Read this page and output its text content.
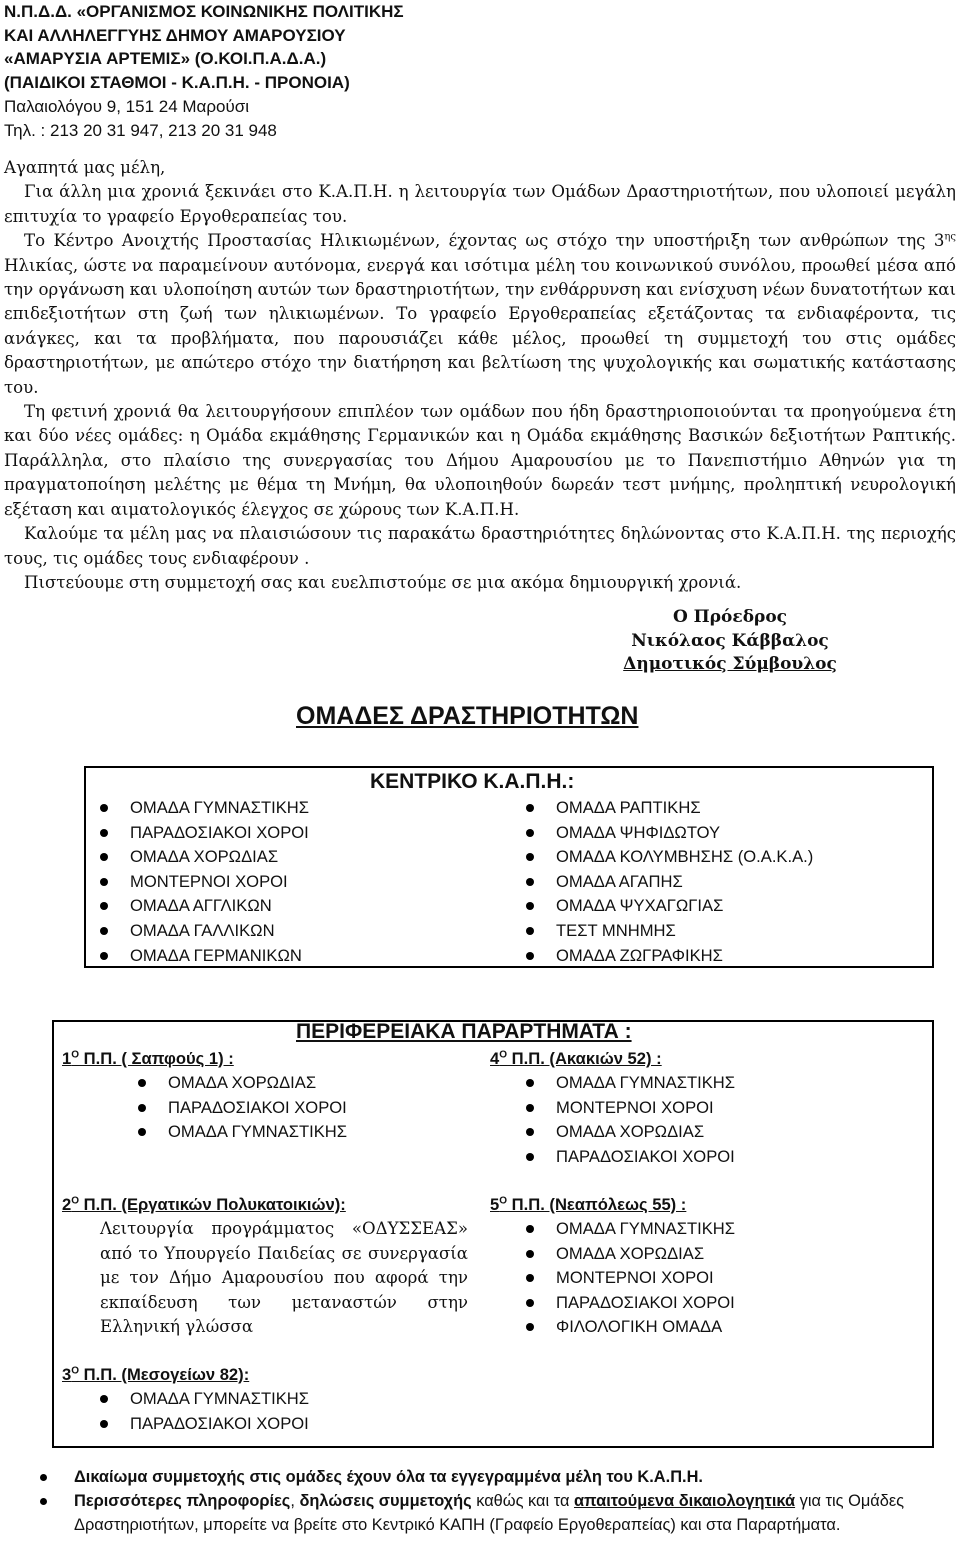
Ν.Π.Δ.Δ. «ΟΡΓΑΝΙΣΜΟΣ ΚΟΙΝΩΝΙΚΗΣ ΠΟΛΙΤΙΚΗΣ
ΚΑΙ ΑΛΛΗΛΕΓΓΥΗΣ ΔΗΜΟΥ ΑΜΑΡΟΥΣΙΟΥ
«ΑΜΑΡΥΣΙΑ ΑΡΤΕΜΙΣ» (Ο.ΚΟΙ.Π.Α.Δ.Α.)
(ΠΑΙΔΙΚΟΙ ΣΤΑΘΜΟΙ - Κ.Α.Π.Η. - ΠΡΟΝΟΙΑ)
Παλαιολόγου 9, 151 24 Μαρούσι
Τηλ. : 213 20 31 947, 213 20 31 948

Αγαπητά μας μέλη,

Για άλλη μια χρονιά ξεκινάει στο Κ.Α.Π.Η. η λειτουργία των Ομάδων Δραστηριοτήτων, που υλοποιεί μεγάλη επιτυχία το γραφείο Εργοθεραπείας του.

Το Κέντρο Ανοιχτής Προστασίας Ηλικιωμένων, έχοντας ως στόχο την υποστήριξη των ανθρώπων της $3^{\eta\varsigma}$ Ηλικίας, ώστε να παραμείνουν αυτόνομα, ενεργά και ισότιμα μέλη του κοινωνικού συνόλου, προωθεί μέσα από την οργάνωση και υλοποίηση αυτών των δραστηριοτήτων, την ενθάρρυνση και ενίσχυση νέων δυνατοτήτων και επιδεξιοτήτων στη ζωή των ηλικιωμένων. Το γραφείο Εργοθεραπείας εξετάζοντας τα ενδιαφέροντα, τις ανάγκες, και τα προβλήματα, που παρουσιάζει κάθε μέλος, προωθεί τη συμμετοχή του στις ομάδες δραστηριοτήτων, με απώτερο στόχο την διατήρηση και βελτίωση της ψυχολογικής και σωματικής κατάστασης του.

Τη φετινή χρονιά θα λειτουργήσουν επιπλέον των ομάδων που ήδη δραστηριοποιούνται τα προηγούμενα έτη και δύο νέες ομάδες: η Ομάδα εκμάθησης Γερμανικών και η Ομάδα εκμάθησης Βασικών δεξιοτήτων Ραπτικής. Παράλληλα, στο πλαίσιο της συνεργασίας του Δήμου Αμαρουσίου με το Πανεπιστήμιο Αθηνών για τη πραγματοποίηση μελέτης με θέμα τη Μνήμη, θα υλοποιηθούν δωρεάν τεστ μνήμης, προληπτική νευρολογική εξέταση και αιματολογικός έλεγχος σε χώρους των Κ.Α.Π.Η.

Καλούμε τα μέλη μας να πλαισιώσουν τις παρακάτω δραστηριότητες δηλώνοντας στο Κ.Α.Π.Η. της περιοχής τους, τις ομάδες τους ενδιαφέρουν .

Πιστεύουμε στη συμμετοχή σας και ευελπιστούμε σε μια ακόμα δημιουργική χρονιά.

Ο Πρόεδρος
Νικόλαος Κάββαλος
Δημοτικός Σύμβουλος
ΟΜΑΔΕΣ ΔΡΑΣΤΗΡΙΟΤΗΤΩΝ
ΚΕΝΤΡΙΚΟ Κ.Α.Π.Η.:
ΟΜΑΔΑ ΓΥΜΝΑΣΤΙΚΗΣ
ΠΑΡΑΔΟΣΙΑΚΟΙ ΧΟΡΟΙ
ΟΜΑΔΑ ΧΟΡΩΔΙΑΣ
ΜΟΝΤΕΡΝΟΙ ΧΟΡΟΙ
ΟΜΑΔΑ ΑΓΓΛΙΚΩΝ
ΟΜΑΔΑ ΓΑΛΛΙΚΩΝ
ΟΜΑΔΑ ΓΕΡΜΑΝΙΚΩΝ
ΟΜΑΔΑ ΡΑΠΤΙΚΗΣ
ΟΜΑΔΑ ΨΗΦΙΔΩΤΟΥ
ΟΜΑΔΑ ΚΟΛΥΜΒΗΣΗΣ (Ο.Α.Κ.Α.)
ΟΜΑΔΑ ΑΓΑΠΗΣ
ΟΜΑΔΑ ΨΥΧΑΓΩΓΙΑΣ
ΤΕΣΤ ΜΝΗΜΗΣ
ΟΜΑΔΑ ΖΩΓΡΑΦΙΚΗΣ
ΠΕΡΙΦΕΡΕΙΑΚΑ ΠΑΡΑΡΤΗΜΑΤΑ :
$1^O$ Π.Π. ( Σαπφούς 1) :
ΟΜΑΔΑ ΧΟΡΩΔΙΑΣ
ΠΑΡΑΔΟΣΙΑΚΟΙ ΧΟΡΟΙ
ΟΜΑΔΑ ΓΥΜΝΑΣΤΙΚΗΣ
$4^O$ Π.Π. (Ακακιών 52) :
ΟΜΑΔΑ ΓΥΜΝΑΣΤΙΚΗΣ
ΜΟΝΤΕΡΝΟΙ ΧΟΡΟΙ
ΟΜΑΔΑ ΧΟΡΩΔΙΑΣ
ΠΑΡΑΔΟΣΙΑΚΟΙ ΧΟΡΟΙ
$2^O$ Π.Π. (Εργατικών Πολυκατοικιών):
Λειτουργία προγράμματος «ΟΔΥΣΣΕΑΣ» από το Υπουργείο Παιδείας σε συνεργασία με τον Δήμο Αμαρουσίου που αφορά την εκπαίδευση των μεταναστών στην Ελληνική γλώσσα
$5^O$ Π.Π. (Νεαπόλεως 55) :
ΟΜΑΔΑ ΓΥΜΝΑΣΤΙΚΗΣ
ΟΜΑΔΑ ΧΟΡΩΔΙΑΣ
ΜΟΝΤΕΡΝΟΙ ΧΟΡΟΙ
ΠΑΡΑΔΟΣΙΑΚΟΙ ΧΟΡΟΙ
ΦΙΛΟΛΟΓΙΚΗ ΟΜΑΔΑ
$3^O$ Π.Π. (Μεσογείων 82):
ΟΜΑΔΑ ΓΥΜΝΑΣΤΙΚΗΣ
ΠΑΡΑΔΟΣΙΑΚΟΙ ΧΟΡΟΙ
Δικαίωμα συμμετοχής στις ομάδες έχουν όλα τα εγγεγραμμένα μέλη του Κ.Α.Π.Η.
Περισσότερες πληροφορίες, δηλώσεις συμμετοχής καθώς και τα απαιτούμενα δικαιολογητικά για τις Ομάδες Δραστηριοτήτων, μπορείτε να βρείτε στο Κεντρικό ΚΑΠΗ (Γραφείο Εργοθεραπείας) και στα Παραρτήματα.
